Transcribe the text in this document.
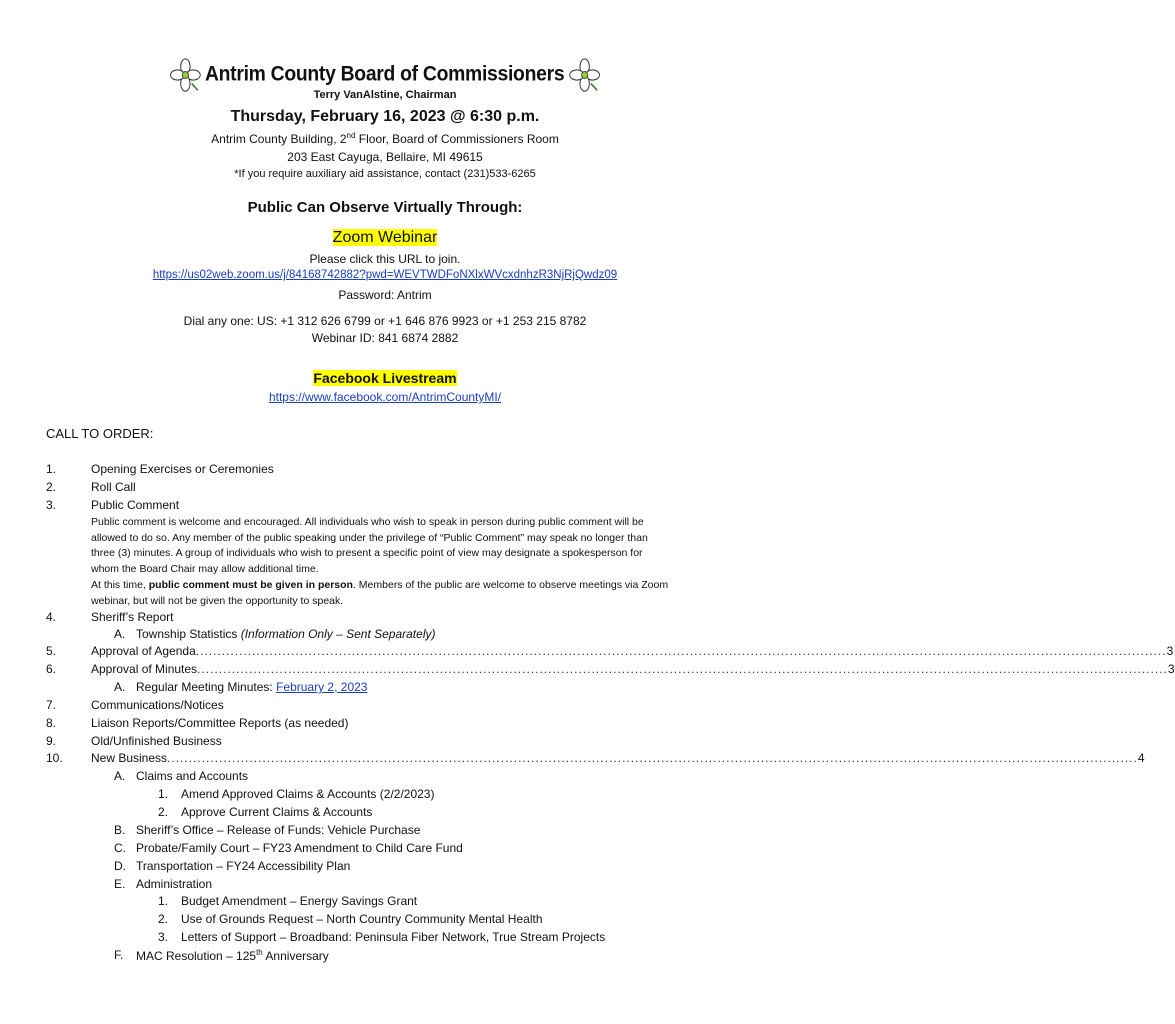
Antrim County Board of Commissioners
Terry VanAlstine, Chairman
Thursday, February 16, 2023 @ 6:30 p.m.
Antrim County Building, 2nd Floor, Board of Commissioners Room
203 East Cayuga, Bellaire, MI 49615
*If you require auxiliary aid assistance, contact (231)533-6265
Public Can Observe Virtually Through:
Zoom Webinar
Please click this URL to join.
https://us02web.zoom.us/j/84168742882?pwd=WEVTWDFoNXlxWVcxdnhzR3NjRjQwdz09
Password: Antrim
Dial any one: US: +1 312 626 6799 or +1 646 876 9923 or +1 253 215 8782
Webinar ID: 841 6874 2882
Facebook Livestream
https://www.facebook.com/AntrimCountyMI/
CALL TO ORDER:
1.	Opening Exercises or Ceremonies
2.	Roll Call
3.	Public Comment
Public comment is welcome and encouraged. All individuals who wish to speak in person during public comment will be
allowed to do so. Any member of the public speaking under the privilege of “Public Comment” may speak no longer than
three (3) minutes. A group of individuals who wish to present a specific point of view may designate a spokesperson for
whom the Board Chair may allow additional time.
At this time, public comment must be given in person. Members of the public are welcome to observe meetings via Zoom
webinar, but will not be given the opportunity to speak.
4.	Sheriff’s Report
A. Township Statistics (Information Only – Sent Separately)
5.	Approval of Agenda ................................................................................................................................................................................................................................ 3
6.	Approval of Minutes ................................................................................................................................................................................................................................ 3
A. Regular Meeting Minutes: February 2, 2023
7.	Communications/Notices
8.	Liaison Reports/Committee Reports (as needed)
9.	Old/Unfinished Business
10. New Business ................................................................................................................................................................................................................................ 4
A. Claims and Accounts
1. Amend Approved Claims & Accounts (2/2/2023)
2. Approve Current Claims & Accounts
B. Sheriff’s Office – Release of Funds: Vehicle Purchase
C. Probate/Family Court – FY23 Amendment to Child Care Fund
D. Transportation – FY24 Accessibility Plan
E. Administration
1. Budget Amendment – Energy Savings Grant
2. Use of Grounds Request – North Country Community Mental Health
3. Letters of Support – Broadband: Peninsula Fiber Network, True Stream Projects
F. MAC Resolution – 125th Anniversary
